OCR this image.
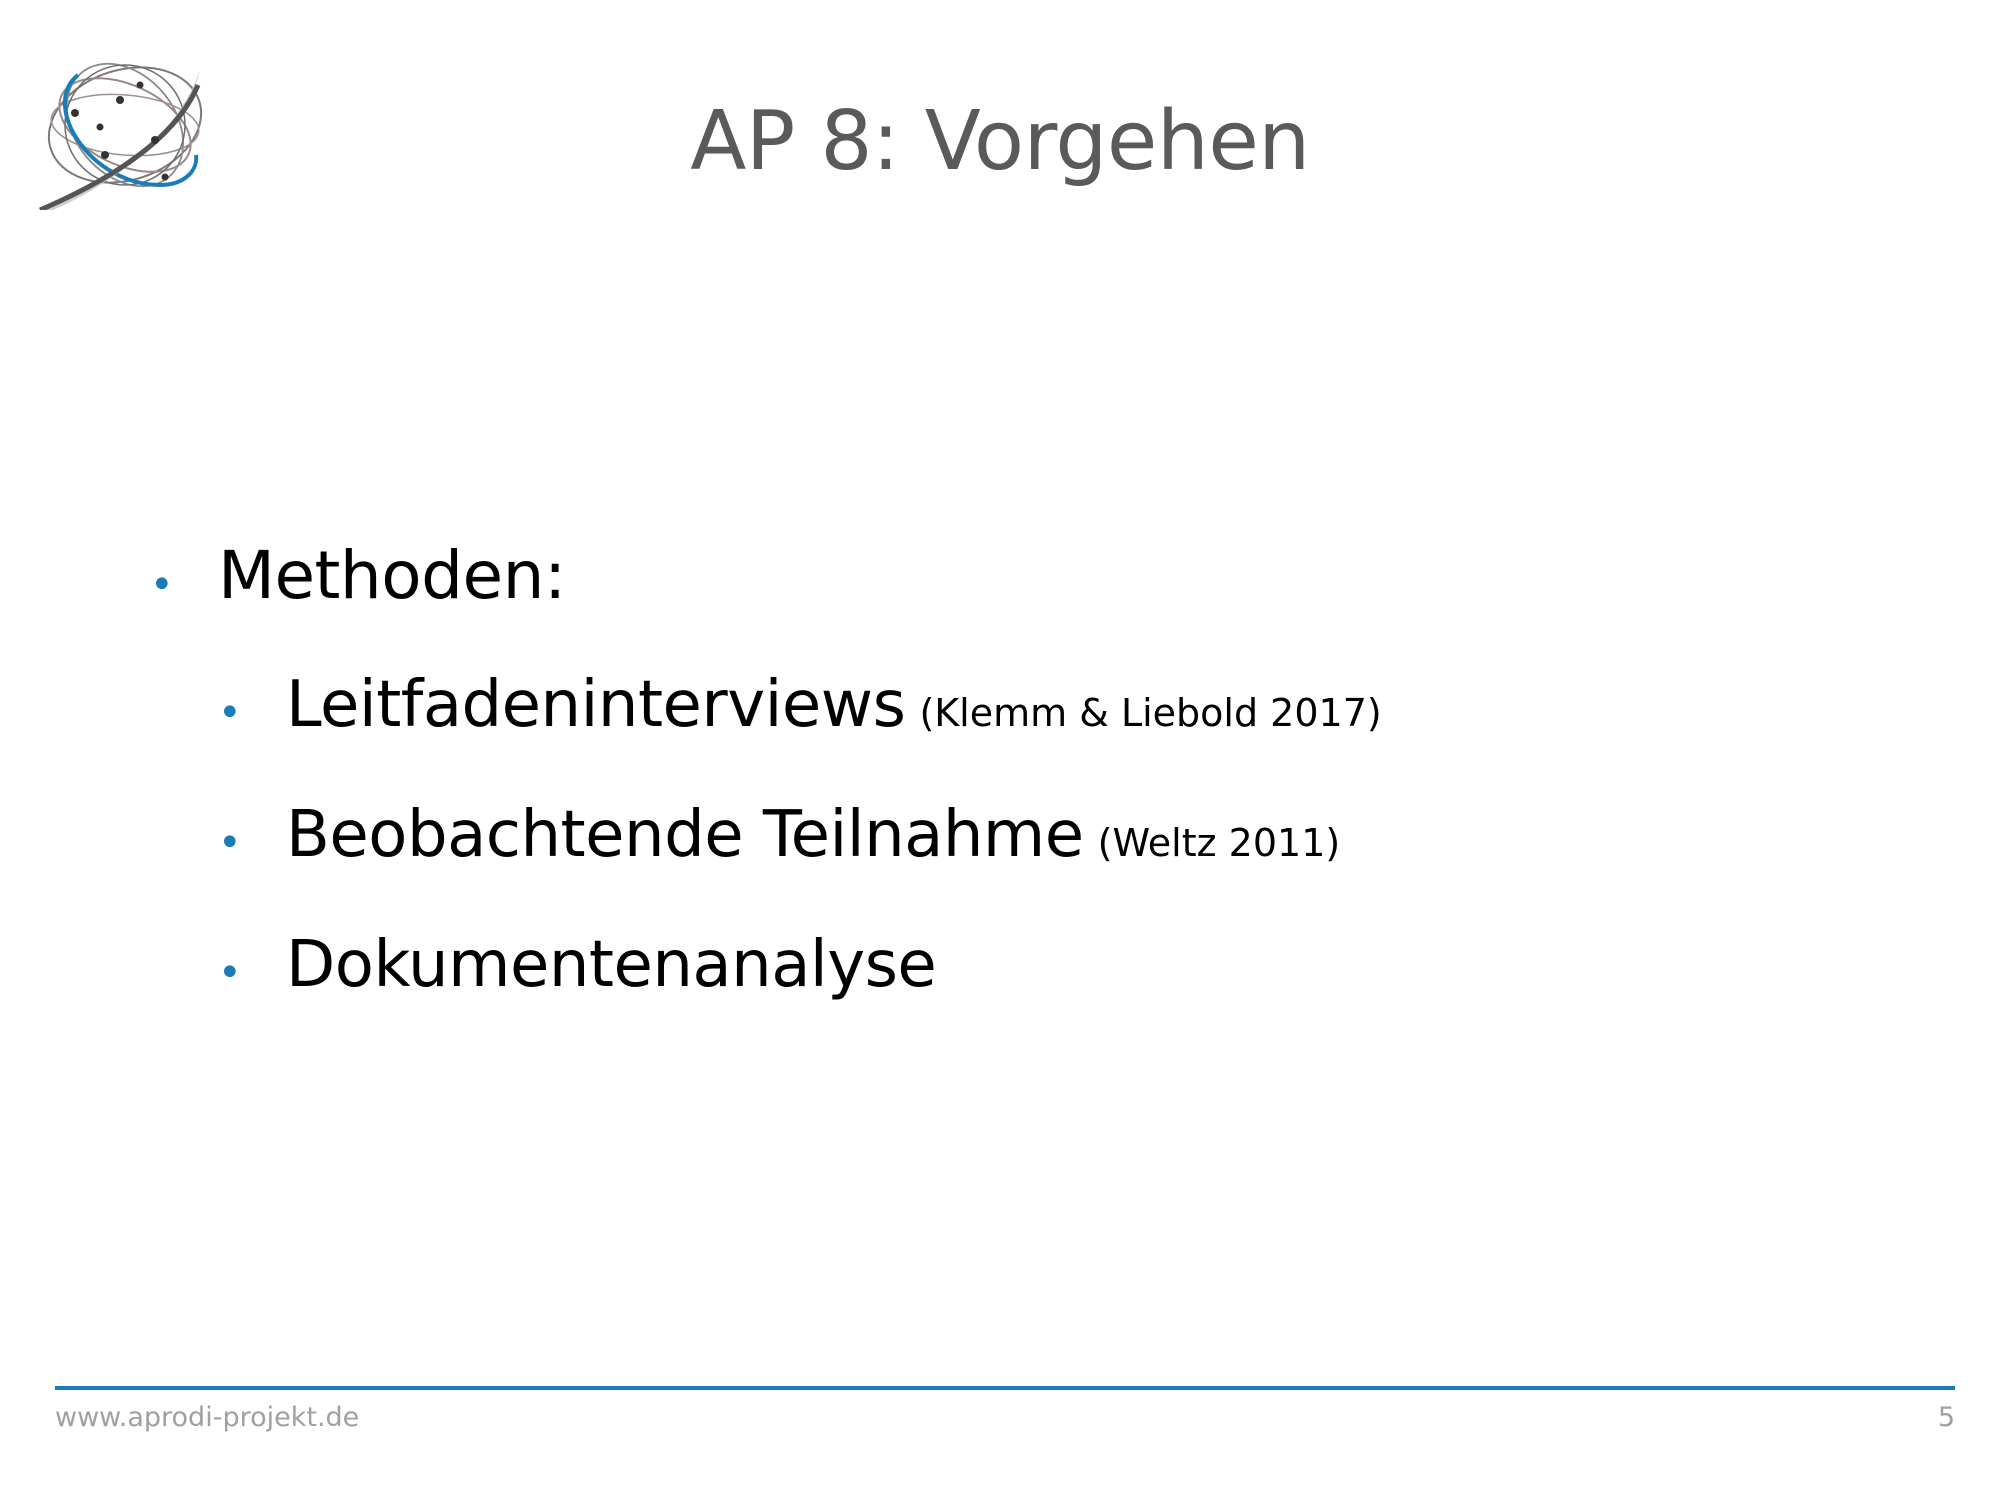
AP 8: Vorgehen
• Methoden:
• Leitfadeninterviews (Klemm & Liebold 2017)
• Beobachtende Teilnahme (Weltz 2011)
• Dokumentenanalyse
www.aprodi-projekt.de	5
